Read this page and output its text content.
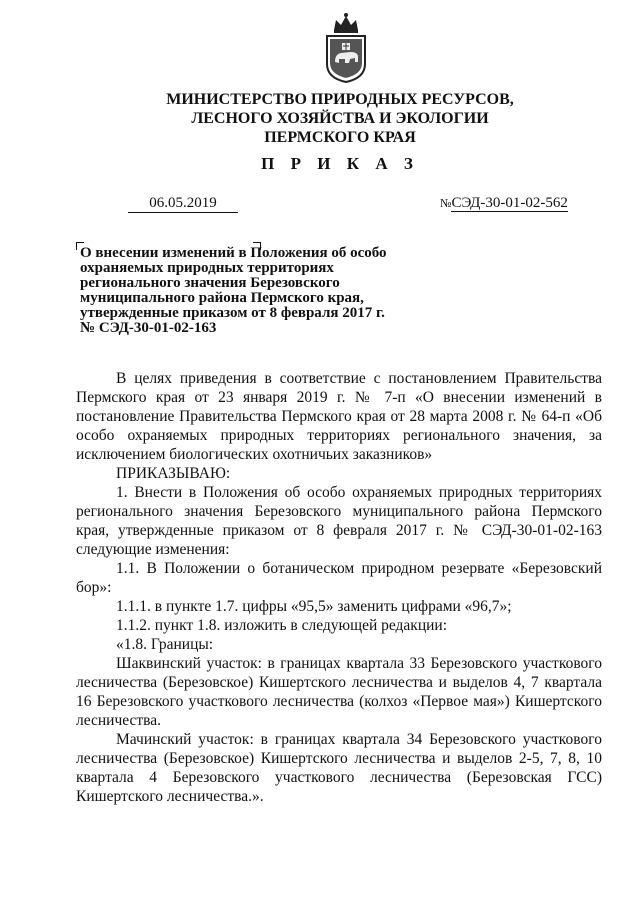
МИНИСТЕРСТВО ПРИРОДНЫХ РЕСУРСОВ,
ЛЕСНОГО ХОЗЯЙСТВА И ЭКОЛОГИИ
ПЕРМСКОГО КРАЯ
П Р И К А З
06.05.2019	№СЭД-30-01-02-562
О внесении изменений в Положения об особо
охраняемых природных территориях
регионального значения Березовского
муниципального района Пермского края,
утвержденные приказом от 8 февраля 2017 г.
№ СЭД-30-01-02-163

В целях приведения в соответствие с постановлением Правительства Пермского края от 23 января 2019 г. № 7-п «О внесении изменений в постановление Правительства Пермского края от 28 марта 2008 г. № 64-п «Об особо охраняемых природных территориях регионального значения, за исключением биологических охотничьих заказников»

ПРИКАЗЫВАЮ:

1. Внести в Положения об особо охраняемых природных территориях регионального значения Березовского муниципального района Пермского края, утвержденные приказом от 8 февраля 2017 г. № СЭД-30-01-02-163 следующие изменения:

1.1. В Положении о ботаническом природном резервате «Березовский бор»:

1.1.1. в пункте 1.7. цифры «95,5» заменить цифрами «96,7»;

1.1.2. пункт 1.8. изложить в следующей редакции:

«1.8. Границы:

Шаквинский участок: в границах квартала 33 Березовского участкового лесничества (Березовское) Кишертского лесничества и выделов 4, 7 квартала 16 Березовского участкового лесничества (колхоз «Первое мая») Кишертского лесничества.

Мачинский участок: в границах квартала 34 Березовского участкового лесничества (Березовское) Кишертского лесничества и выделов 2-5, 7, 8, 10 квартала 4 Березовского участкового лесничества (Березовская ГСС) Кишертского лесничества.».
